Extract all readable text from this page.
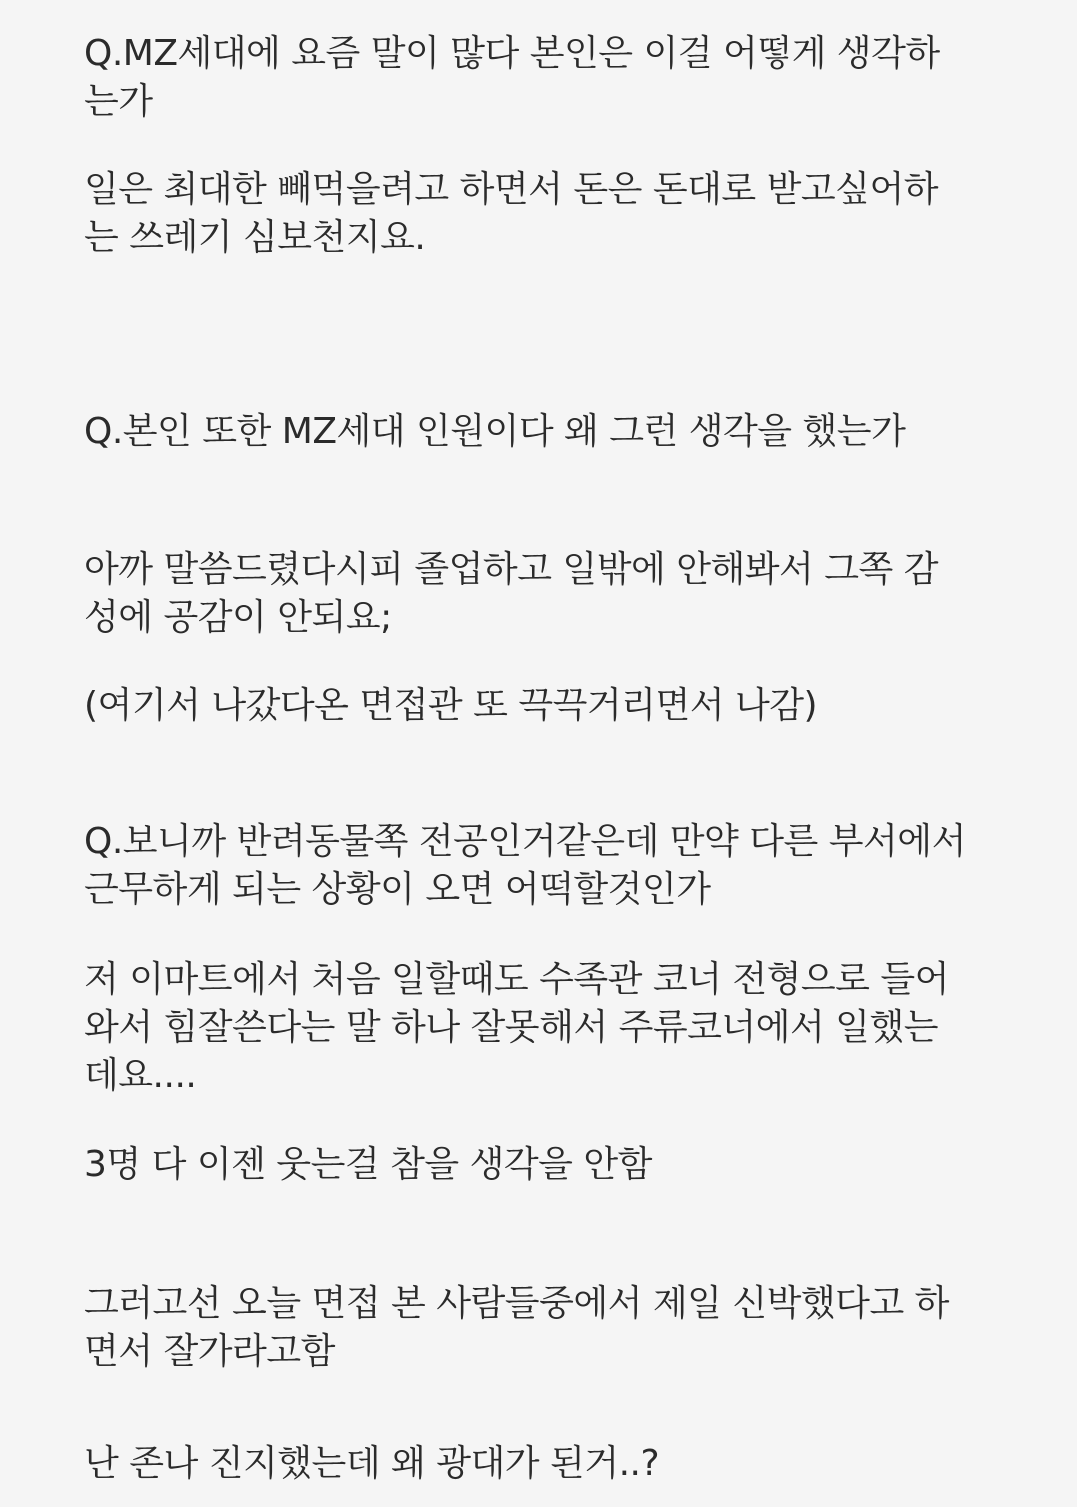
Q.MZ세대에 요즘 말이 많다 본인은 이걸 어떻게 생각하
는가

일은 최대한 빼먹을려고 하면서 돈은 돈대로 받고싶어하
는 쓰레기 심보천지요.

Q.본인 또한 MZ세대 인원이다 왜 그런 생각을 했는가

아까 말씀드렸다시피 졸업하고 일밖에 안해봐서 그쪽 감
성에 공감이 안되요;

(여기서 나갔다온 면접관 또 끅끅거리면서 나감)

Q.보니까 반려동물쪽 전공인거같은데 만약 다른 부서에서
근무하게 되는 상황이 오면 어떡할것인가

저 이마트에서 처음 일할때도 수족관 코너 전형으로 들어
와서 힘잘쓴다는 말 하나 잘못해서 주류코너에서 일했는
데요....

3명 다 이젠 웃는걸 참을 생각을 안함

그러고선 오늘 면접 본 사람들중에서 제일 신박했다고 하
면서 잘가라고함

난 존나 진지했는데 왜 광대가 된거..?
